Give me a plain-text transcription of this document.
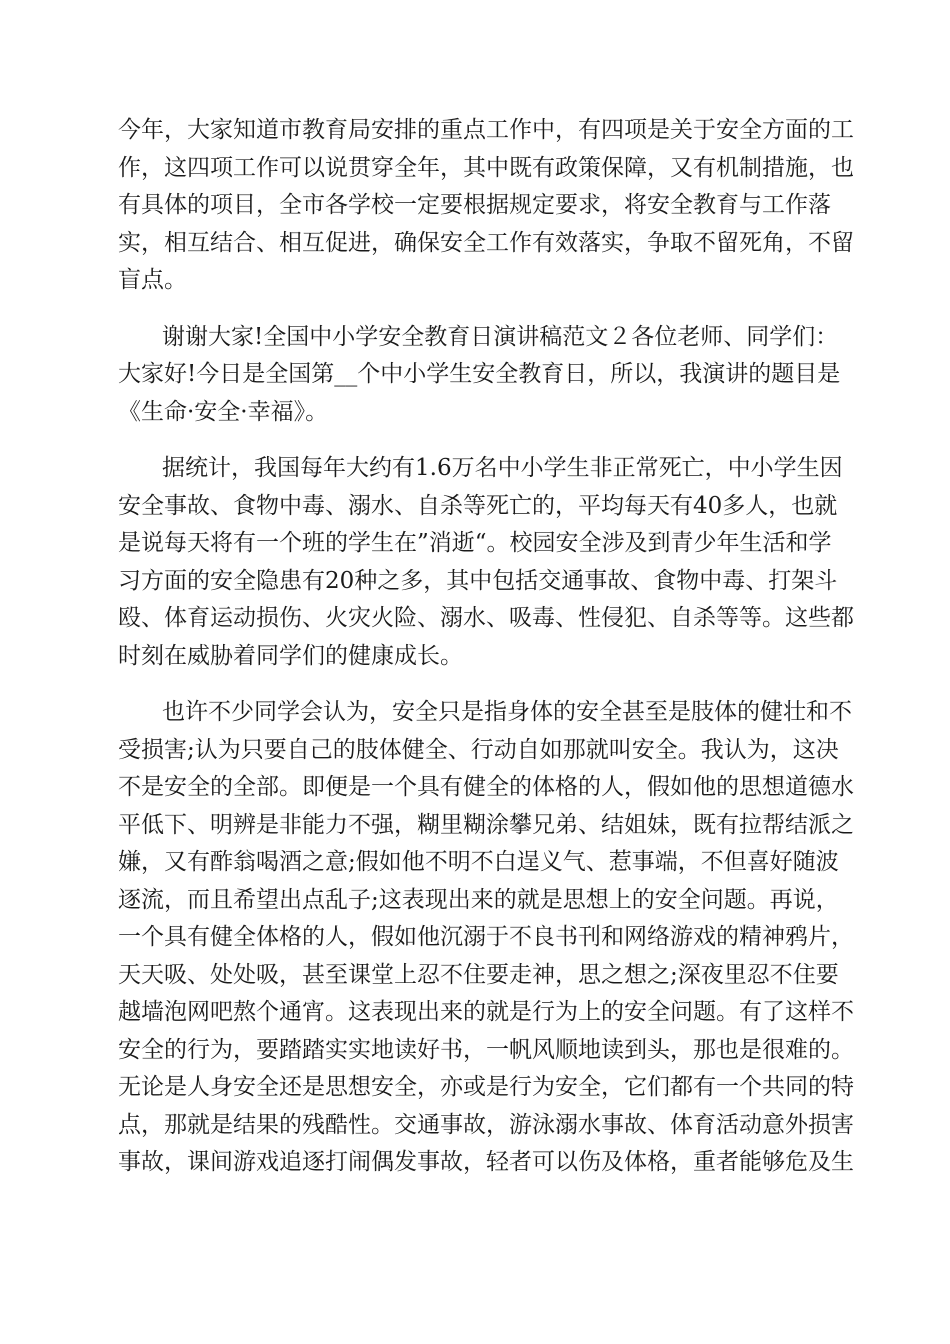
今年，大家知道市教育局安排的重点工作中，有四项是关于安全方面的工
作，这四项工作可以说贯穿全年，其中既有政策保障，又有机制措施，也
有具体的项目，全市各学校一定要根据规定要求，将安全教育与工作落
实，相互结合、相互促进，确保安全工作有效落实，争取不留死角，不留
盲点。
谢谢大家!全国中小学安全教育日演讲稿范文２各位老师、同学们：
大家好!今日是全国第__个中小学生安全教育日，所以，我演讲的题目是
《生命·安全·幸福》。
据统计，我国每年大约有1.6万名中小学生非正常死亡，中小学生因
安全事故、食物中毒、溺水、自杀等死亡的，平均每天有40多人，也就
是说每天将有一个班的学生在”消逝“。校园安全涉及到青少年生活和学
习方面的安全隐患有20种之多，其中包括交通事故、食物中毒、打架斗
殴、体育运动损伤、火灾火险、溺水、吸毒、性侵犯、自杀等等。这些都
时刻在威胁着同学们的健康成长。
也许不少同学会认为，安全只是指身体的安全甚至是肢体的健壮和不
受损害;认为只要自己的肢体健全、行动自如那就叫安全。我认为，这决
不是安全的全部。即便是一个具有健全的体格的人，假如他的思想道德水
平低下、明辨是非能力不强，糊里糊涂攀兄弟、结姐妹，既有拉帮结派之
嫌，又有酢翁喝酒之意;假如他不明不白逞义气、惹事端，不但喜好随波
逐流，而且希望出点乱子;这表现出来的就是思想上的安全问题。再说，
一个具有健全体格的人，假如他沉溺于不良书刊和网络游戏的精神鸦片，
天天吸、处处吸，甚至课堂上忍不住要走神，思之想之;深夜里忍不住要
越墙泡网吧熬个通宵。这表现出来的就是行为上的安全问题。有了这样不
安全的行为，要踏踏实实地读好书，一帆风顺地读到头，那也是很难的。
无论是人身安全还是思想安全，亦或是行为安全，它们都有一个共同的特
点，那就是结果的残酷性。交通事故，游泳溺水事故、体育活动意外损害
事故，课间游戏追逐打闹偶发事故，轻者可以伤及体格，重者能够危及生
